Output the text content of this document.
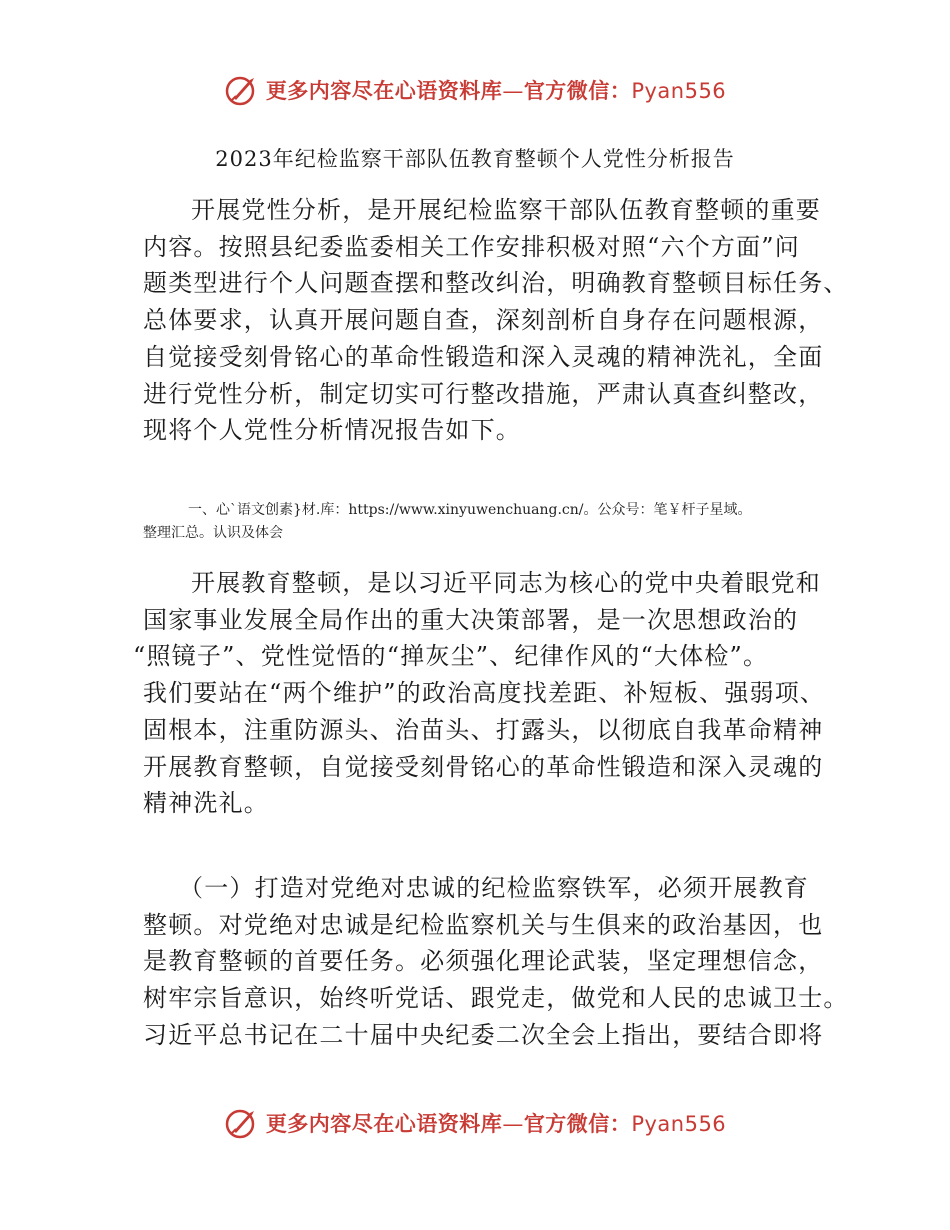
更多内容尽在心语资料库—官方微信：Pyan556
2023年纪检监察干部队伍教育整顿个人党性分析报告
开展党性分析，是开展纪检监察干部队伍教育整顿的重要
内容。按照县纪委监委相关工作安排积极对照“六个方面”问
题类型进行个人问题查摆和整改纠治，明确教育整顿目标任务、
总体要求，认真开展问题自查，深刻剖析自身存在问题根源，
自觉接受刻骨铭心的革命性锻造和深入灵魂的精神洗礼，全面
进行党性分析，制定切实可行整改措施，严肃认真查纠整改，
现将个人党性分析情况报告如下。
一、心`语文创素}材.库：https://www.xinyuwenchuang.cn/。公众号：笔￥杆子星域。
整理汇总。认识及体会
开展教育整顿，是以习近平同志为核心的党中央着眼党和
国家事业发展全局作出的重大决策部署，是一次思想政治的
“照镜子”、党性觉悟的“掸灰尘”、纪律作风的“大体检”。
我们要站在“两个维护”的政治高度找差距、补短板、强弱项、
固根本，注重防源头、治苗头、打露头，以彻底自我革命精神
开展教育整顿，自觉接受刻骨铭心的革命性锻造和深入灵魂的
精神洗礼。
（一）打造对党绝对忠诚的纪检监察铁军，必须开展教育
整顿。对党绝对忠诚是纪检监察机关与生俱来的政治基因，也
是教育整顿的首要任务。必须强化理论武装，坚定理想信念，
树牢宗旨意识，始终听党话、跟党走，做党和人民的忠诚卫士。
习近平总书记在二十届中央纪委二次全会上指出，要结合即将
更多内容尽在心语资料库—官方微信：Pyan556
